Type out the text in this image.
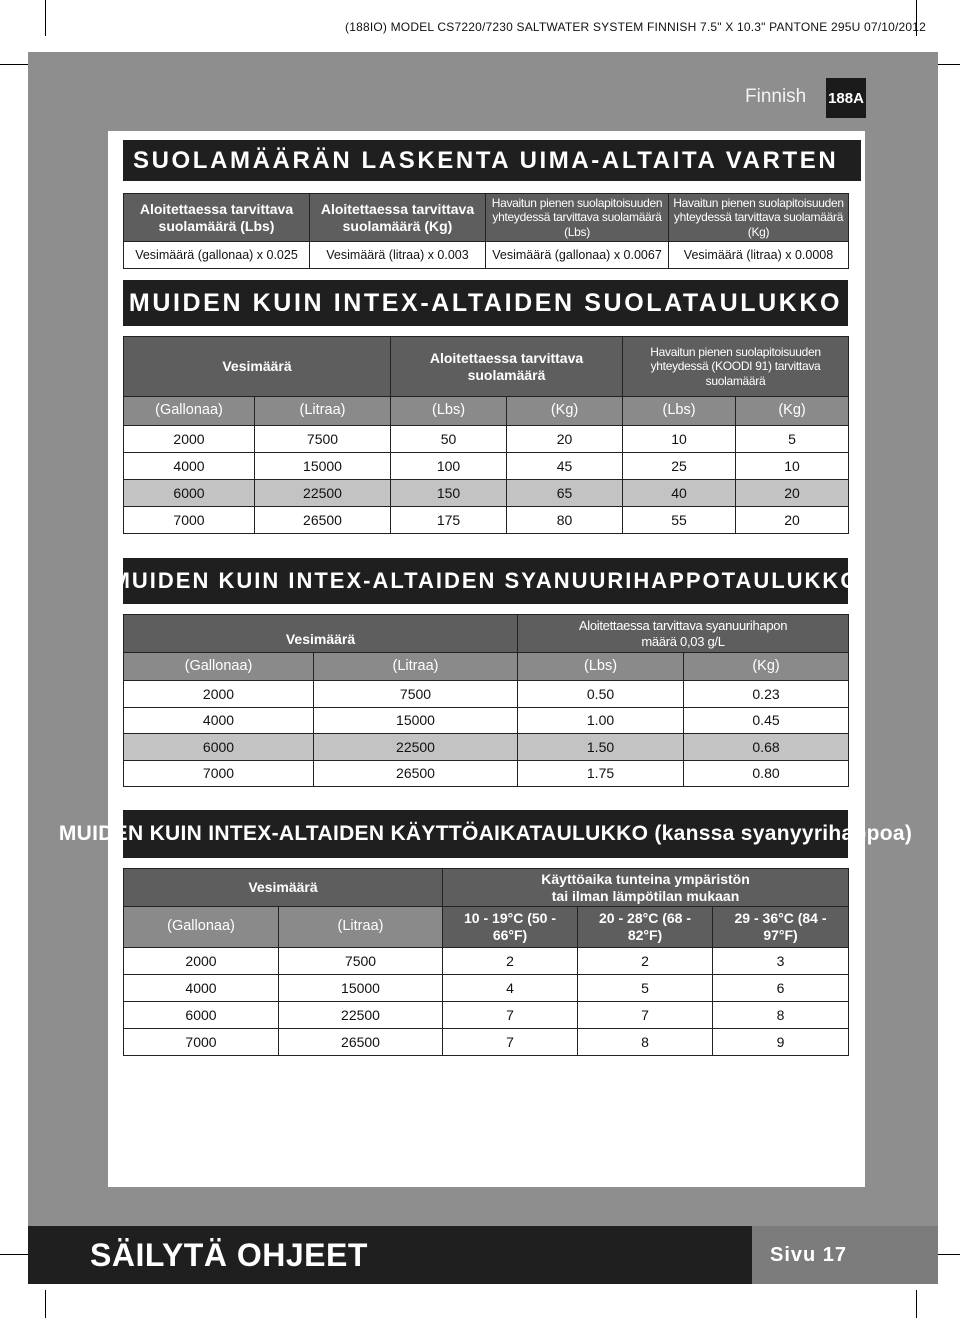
(188IO) MODEL CS7220/7230 SALTWATER SYSTEM FINNISH 7.5" X 10.3" PANTONE 295U 07/10/2012
Finnish 188A
SUOLAMÄÄRÄN LASKENTA UIMA-ALTAITA VARTEN
Aloitettaessa tarvittava suolamäärä (Lbs)	Aloitettaessa tarvittava suolamäärä (Kg)	Havaitun pienen suolapitoisuuden yhteydessä tarvittava suolamäärä (Lbs)	Havaitun pienen suolapitoisuuden yhteydessä tarvittava suolamäärä (Kg)
Vesimäärä (gallonaa) x 0.025	Vesimäärä (litraa) x 0.003	Vesimäärä (gallonaa) x 0.0067	Vesimäärä (litraa) x 0.0008
MUIDEN KUIN INTEX-ALTAIDEN SUOLATAULUKKO
Vesimäärä		Aloitettaessa tarvittava suolamäärä		Havaitun pienen suolapitoisuuden yhteydessä (KOODI 91) tarvittava suolamäärä	
(Gallonaa)	(Litraa)	(Lbs)	(Kg)	(Lbs)	(Kg)
2000	7500	50	20	10	5
4000	15000	100	45	25	10
6000	22500	150	65	40	20
7000	26500	175	80	55	20
MUIDEN KUIN INTEX-ALTAIDEN SYANUURIHAPPOTAULUKKO
Vesimäärä		Aloitettaessa tarvittava syanuurihapon määrä 0,03 g/L	
(Gallonaa)	(Litraa)	(Lbs)	(Kg)
2000	7500	0.50	0.23
4000	15000	1.00	0.45
6000	22500	1.50	0.68
7000	26500	1.75	0.80
MUIDEN KUIN INTEX-ALTAIDEN KÄYTTÖAIKATAULUKKO (kanssa syanyyrihappoa)
Vesimäärä		Käyttöaika tunteina ympäristön tai ilman lämpötilan mukaan		
(Gallonaa)	(Litraa)	10 - 19°C (50 - 66°F)	20 - 28°C (68 - 82°F)	29 - 36°C (84 - 97°F)
2000	7500	2	2	3
4000	15000	4	5	6
6000	22500	7	7	8
7000	26500	7	8	9
SÄILYTÄ OHJEET	Sivu 17
